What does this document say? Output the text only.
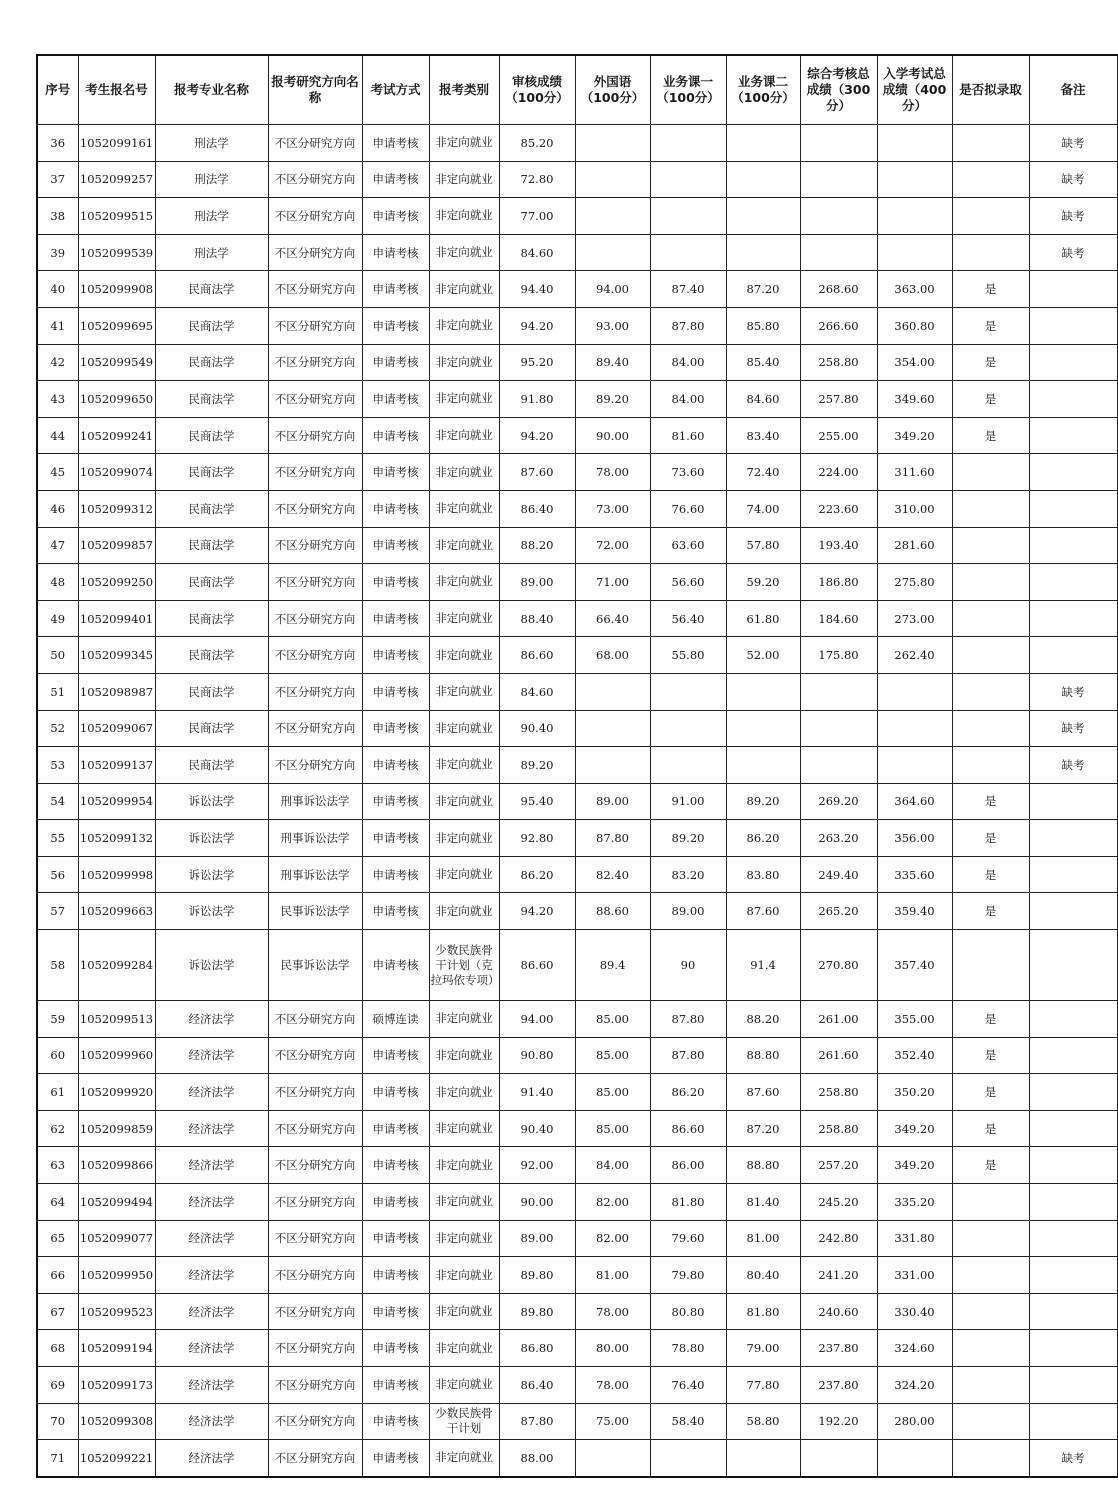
序号	考生报名号	报考专业名称	报考研究方向名称	考试方式	报考类别	审核成绩（100分）	外国语（100分）	业务课一（100分）	业务课二（100分）	综合考核总成绩（300分）	入学考试总成绩（400分）	是否拟录取	备注
36	1052099161	刑法学	不区分研究方向	申请考核	非定向就业	85.20							缺考
37	1052099257	刑法学	不区分研究方向	申请考核	非定向就业	72.80							缺考
38	1052099515	刑法学	不区分研究方向	申请考核	非定向就业	77.00							缺考
39	1052099539	刑法学	不区分研究方向	申请考核	非定向就业	84.60							缺考
40	1052099908	民商法学	不区分研究方向	申请考核	非定向就业	94.40	94.00	87.40	87.20	268.60	363.00	是	
41	1052099695	民商法学	不区分研究方向	申请考核	非定向就业	94.20	93.00	87.80	85.80	266.60	360.80	是	
42	1052099549	民商法学	不区分研究方向	申请考核	非定向就业	95.20	89.40	84.00	85.40	258.80	354.00	是	
43	1052099650	民商法学	不区分研究方向	申请考核	非定向就业	91.80	89.20	84.00	84.60	257.80	349.60	是	
44	1052099241	民商法学	不区分研究方向	申请考核	非定向就业	94.20	90.00	81.60	83.40	255.00	349.20	是	
45	1052099074	民商法学	不区分研究方向	申请考核	非定向就业	87.60	78.00	73.60	72.40	224.00	311.60		
46	1052099312	民商法学	不区分研究方向	申请考核	非定向就业	86.40	73.00	76.60	74.00	223.60	310.00		
47	1052099857	民商法学	不区分研究方向	申请考核	非定向就业	88.20	72.00	63.60	57.80	193.40	281.60		
48	1052099250	民商法学	不区分研究方向	申请考核	非定向就业	89.00	71.00	56.60	59.20	186.80	275.80		
49	1052099401	民商法学	不区分研究方向	申请考核	非定向就业	88.40	66.40	56.40	61.80	184.60	273.00		
50	1052099345	民商法学	不区分研究方向	申请考核	非定向就业	86.60	68.00	55.80	52.00	175.80	262.40		
51	1052098987	民商法学	不区分研究方向	申请考核	非定向就业	84.60							缺考
52	1052099067	民商法学	不区分研究方向	申请考核	非定向就业	90.40							缺考
53	1052099137	民商法学	不区分研究方向	申请考核	非定向就业	89.20							缺考
54	1052099954	诉讼法学	刑事诉讼法学	申请考核	非定向就业	95.40	89.00	91.00	89.20	269.20	364.60	是	
55	1052099132	诉讼法学	刑事诉讼法学	申请考核	非定向就业	92.80	87.80	89.20	86.20	263.20	356.00	是	
56	1052099998	诉讼法学	刑事诉讼法学	申请考核	非定向就业	86.20	82.40	83.20	83.80	249.40	335.60	是	
57	1052099663	诉讼法学	民事诉讼法学	申请考核	非定向就业	94.20	88.60	89.00	87.60	265.20	359.40	是	
58	1052099284	诉讼法学	民事诉讼法学	申请考核	少数民族骨干计划（克拉玛依专项）	86.60	89.4	90	91.4	270.80	357.40		
59	1052099513	经济法学	不区分研究方向	硕博连读	非定向就业	94.00	85.00	87.80	88.20	261.00	355.00	是	
60	1052099960	经济法学	不区分研究方向	申请考核	非定向就业	90.80	85.00	87.80	88.80	261.60	352.40	是	
61	1052099920	经济法学	不区分研究方向	申请考核	非定向就业	91.40	85.00	86.20	87.60	258.80	350.20	是	
62	1052099859	经济法学	不区分研究方向	申请考核	非定向就业	90.40	85.00	86.60	87.20	258.80	349.20	是	
63	1052099866	经济法学	不区分研究方向	申请考核	非定向就业	92.00	84.00	86.00	88.80	257.20	349.20	是	
64	1052099494	经济法学	不区分研究方向	申请考核	非定向就业	90.00	82.00	81.80	81.40	245.20	335.20		
65	1052099077	经济法学	不区分研究方向	申请考核	非定向就业	89.00	82.00	79.60	81.00	242.80	331.80		
66	1052099950	经济法学	不区分研究方向	申请考核	非定向就业	89.80	81.00	79.80	80.40	241.20	331.00		
67	1052099523	经济法学	不区分研究方向	申请考核	非定向就业	89.80	78.00	80.80	81.80	240.60	330.40		
68	1052099194	经济法学	不区分研究方向	申请考核	非定向就业	86.80	80.00	78.80	79.00	237.80	324.60		
69	1052099173	经济法学	不区分研究方向	申请考核	非定向就业	86.40	78.00	76.40	77.80	237.80	324.20		
70	1052099308	经济法学	不区分研究方向	申请考核	少数民族骨干计划	87.80	75.00	58.40	58.80	192.20	280.00		
71	1052099221	经济法学	不区分研究方向	申请考核	非定向就业	88.00							缺考
